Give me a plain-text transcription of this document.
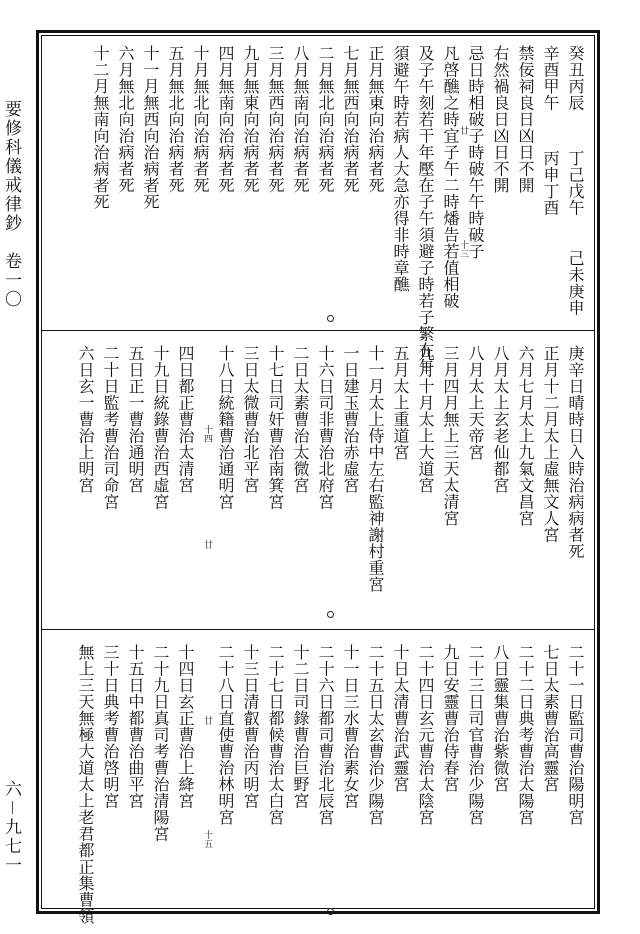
要修科儀戒律鈔　卷一〇
六－九七一
癸丑丙辰
丁己戊午
己未庚申
辛酉甲午
丙申丁酉
禁佞祠良日凶日不開
右然禍良日凶日不開
忌日時相破子時破午午時破子
凡啓醮之時宜子午二時燔告若值相破
廿
十三
及子午刻若干年壓在子午須避子時若子繁在午
須避午時若病人大急亦得非時章醮
正月無東向治病者死
七月無西向治病者死
二月無北向治病者死
八月無南向治病者死
三月無西向治病者死
九月無東向治病者死
四月無南向治病者死
十月無北向治病者死
五月無北向治病者死
十一月無西向治病者死
六月無北向治病者死
十二月無南向治病者死
庚辛日晴時日入時治病病者死
正月十二月太上虛無文人宮
六月七月太上九氣文昌宮
八月太上玄老仙都宮
八月太上天帝宮
三月四月無上三天太清宮
九月十月太上大道宮
五月太上重道宮
十一月太上侍中左右監神謝村重宮
一日建玉曹治赤虛宮
十六日司非曹治北府宮
二日太素曹治太微宮
十七日司奸曹治南箕宮
三日太微曹治北平宮
十八日統籍曹治通明宮
十四
廿
四日都正曹治太清宮
十九日統錄曹治西虛宮
五日正一曹治通明宮
二十日監考曹治司命宮
六日玄一曹治上明宮
二十一日監司曹治陽明宮
七日太素曹治高靈宮
二十二日典考曹治太陽宮
八日靈集曹治紫微宮
二十三日司官曹治少陽宮
九日安靈曹治侍春宮
二十四日玄元曹治太陰宮
十日太清曹治武靈宮
二十五日太玄曹治少陽宮
十一日三水曹治素女宮
二十六日都司曹治北辰宮
十二日司錄曹治巨野宮
二十七日都候曹治太白宮
十三日清叡曹治丙明宮
二十八日直使曹治林明宮
廿
十五
十四日玄正曹治上絳宮
二十九日真司考曹治清陽宮
十五日中都曹治曲平宮
三十日典考曹治啓明宮
無上三天無極大道太上老君都正集曹領
